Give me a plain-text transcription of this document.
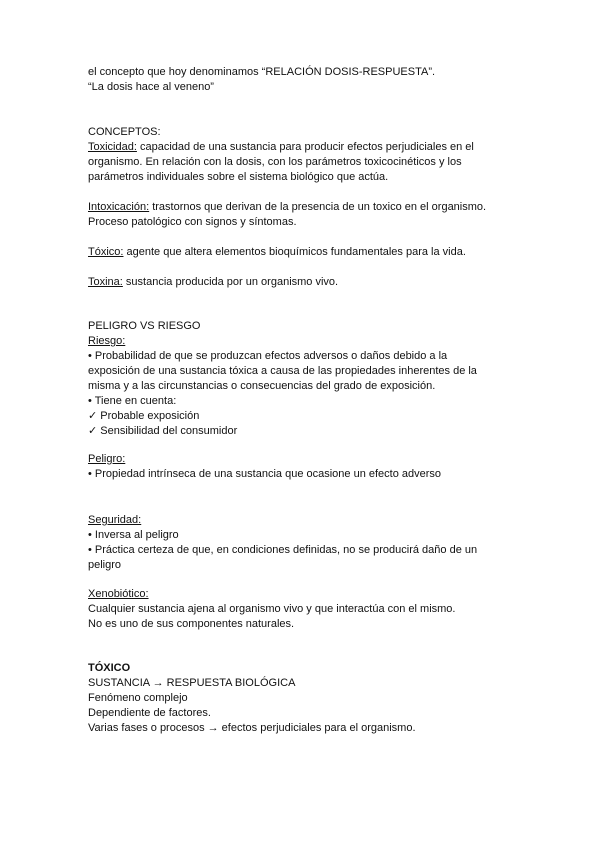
el concepto que hoy denominamos “RELACIÓN DOSIS-RESPUESTA”.
“La dosis hace al veneno”
CONCEPTOS:
Toxicidad: capacidad de una sustancia para producir efectos perjudiciales en el
organismo. En relación con la dosis, con los parámetros toxicocinéticos y los
parámetros individuales sobre el sistema biológico que actúa.
Intoxicación: trastornos que derivan de la presencia de un toxico en el organismo.
Proceso patológico con signos y síntomas.
Tóxico: agente que altera elementos bioquímicos fundamentales para la vida.
Toxina: sustancia producida por un organismo vivo.
PELIGRO VS RIESGO
Riesgo:
• Probabilidad de que se produzcan efectos adversos o daños debido a la
exposición de una sustancia tóxica a causa de las propiedades inherentes de la
misma y a las circunstancias o consecuencias del grado de exposición.
• Tiene en cuenta:
✓ Probable exposición
✓ Sensibilidad del consumidor
Peligro:
• Propiedad intrínseca de una sustancia que ocasione un efecto adverso
Seguridad:
• Inversa al peligro
• Práctica certeza de que, en condiciones definidas, no se producirá daño de un
peligro
Xenobiótico:
Cualquier sustancia ajena al organismo vivo y que interactúa con el mismo.
No es uno de sus componentes naturales.
TÓXICO
SUSTANCIA → RESPUESTA BIOLÓGICA
Fenómeno complejo
Dependiente de factores.
Varias fases o procesos → efectos perjudiciales para el organismo.
